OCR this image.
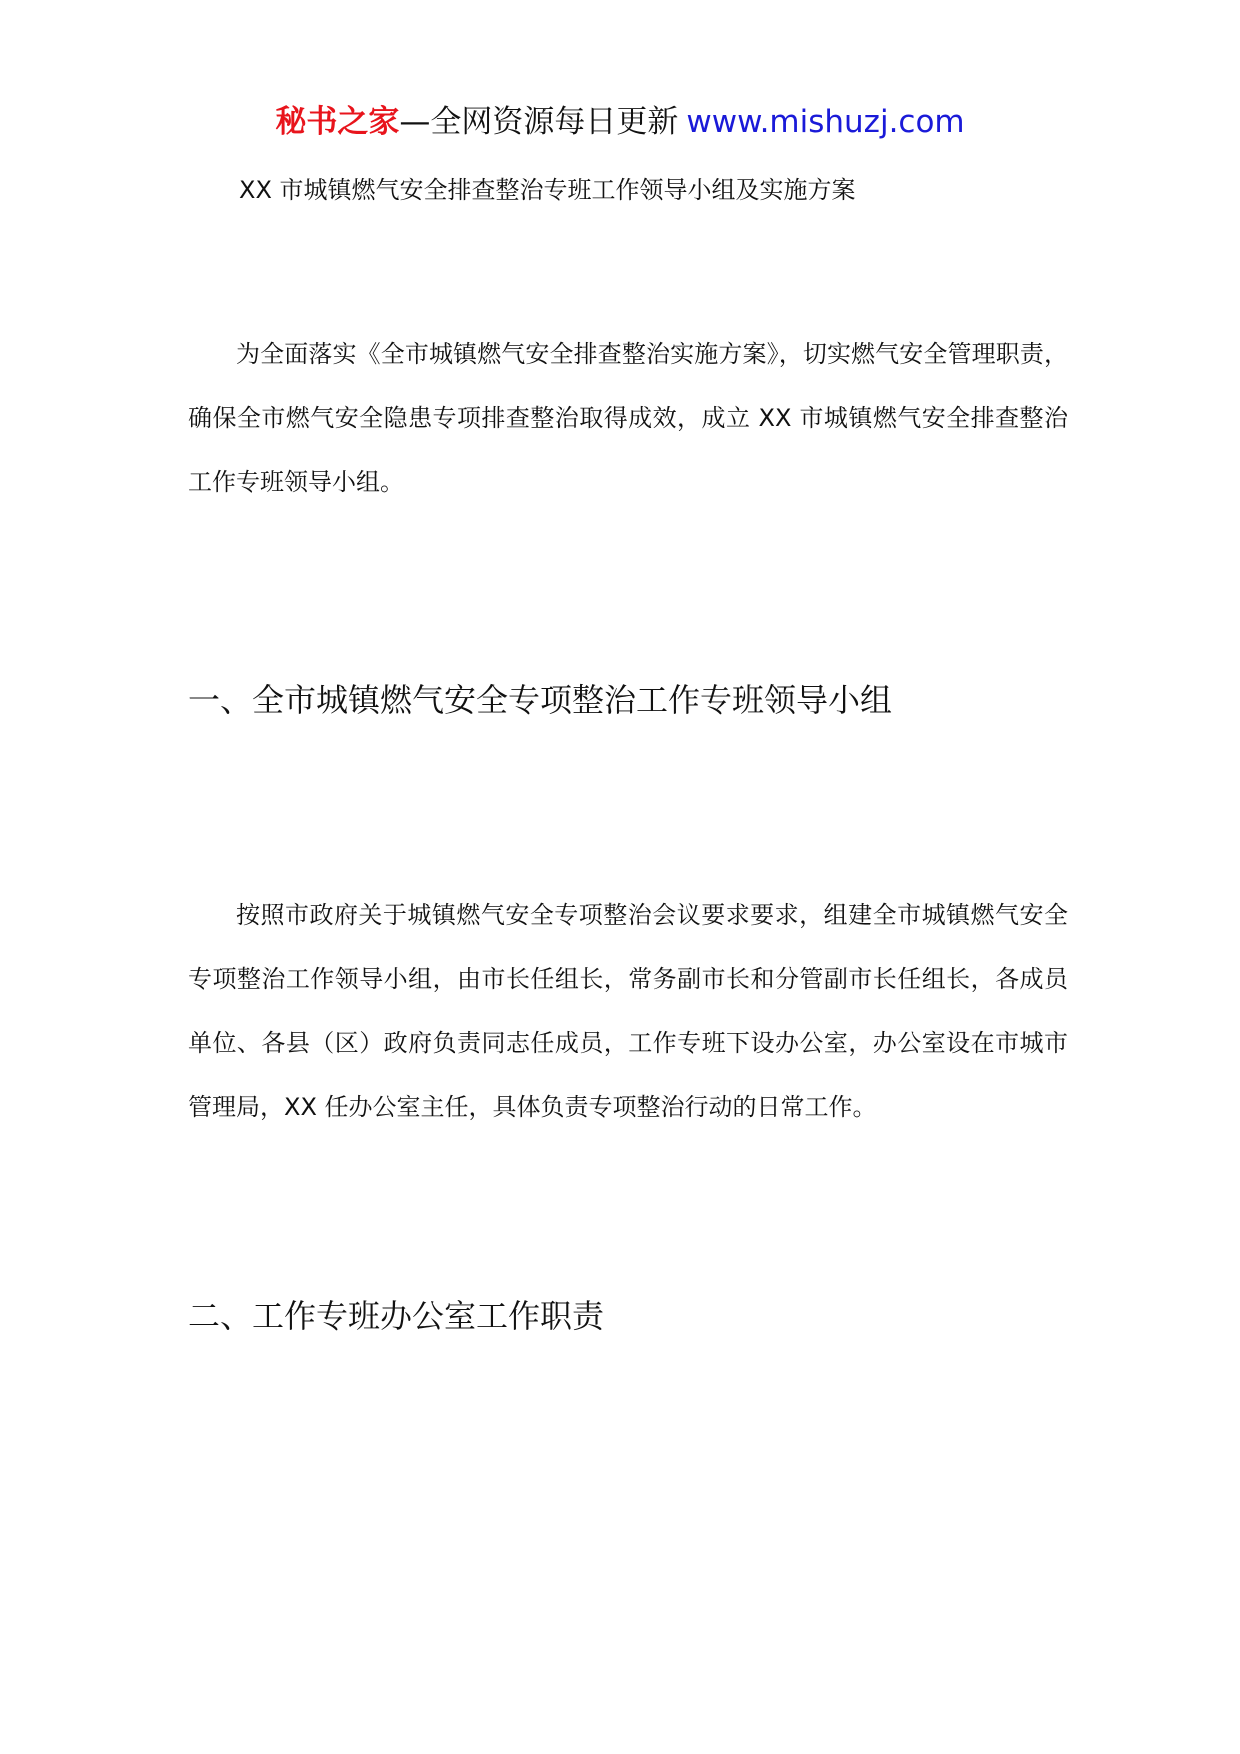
秘书之家—全网资源每日更新 www.mishuzj.com
XX 市城镇燃气安全排查整治专班工作领导小组及实施方案

为全面落实《全市城镇燃气安全排查整治实施方案》，切实燃气安全管理职责，确保全市燃气安全隐患专项排查整治取得成效，成立 XX 市城镇燃气安全排查整治工作专班领导小组。

一、全市城镇燃气安全专项整治工作专班领导小组

按照市政府关于城镇燃气安全专项整治会议要求要求，组建全市城镇燃气安全专项整治工作领导小组，由市长任组长，常务副市长和分管副市长任组长，各成员单位、各县（区）政府负责同志任成员，工作专班下设办公室，办公室设在市城市管理局，XX 任办公室主任，具体负责专项整治行动的日常工作。

二、工作专班办公室工作职责
